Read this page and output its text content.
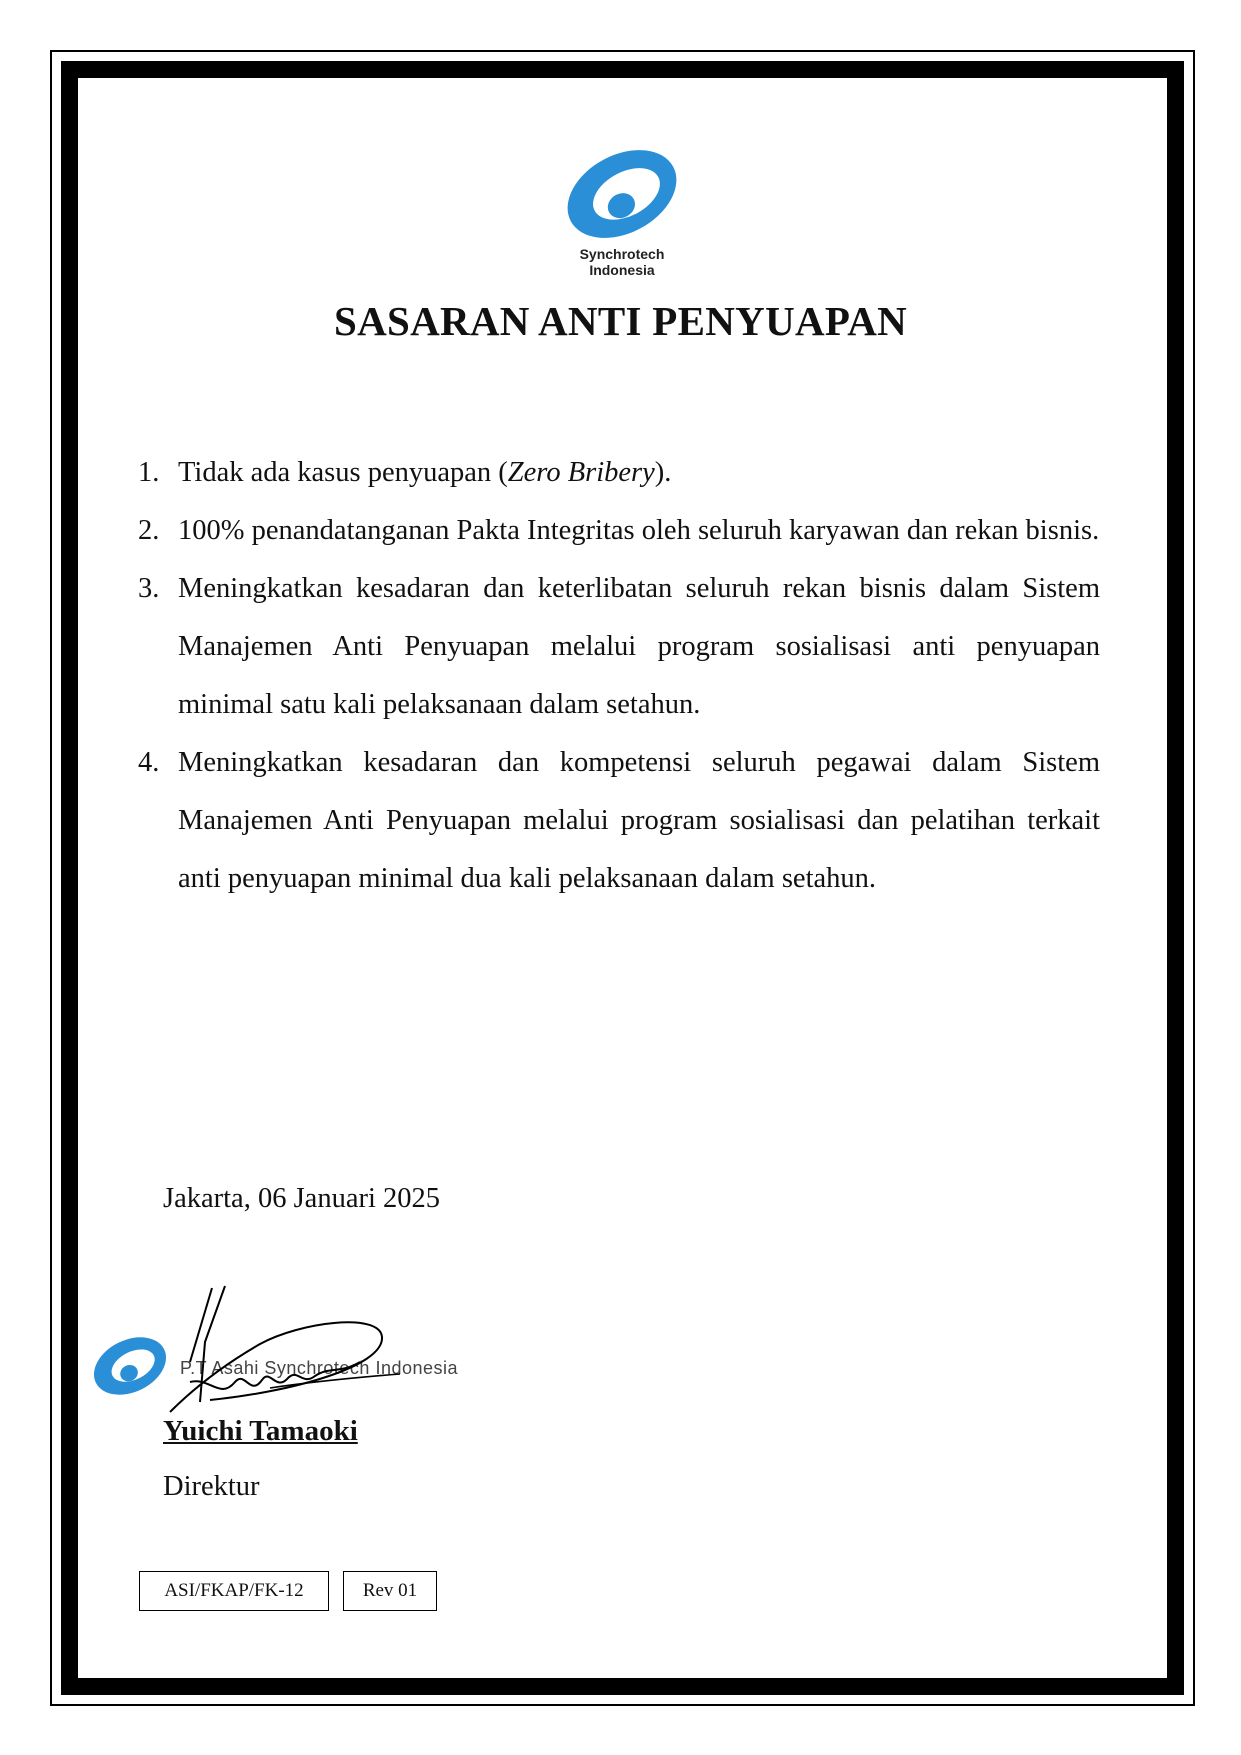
Synchrotech
Indonesia
SASARAN ANTI PENYUAPAN
1. Tidak ada kasus penyuapan (Zero Bribery).
2. 100% penandatanganan Pakta Integritas oleh seluruh karyawan dan rekan bisnis.
3. Meningkatkan kesadaran dan keterlibatan seluruh rekan bisnis dalam Sistem Manajemen Anti Penyuapan melalui program sosialisasi anti penyuapan minimal satu kali pelaksanaan dalam setahun.
4. Meningkatkan kesadaran dan kompetensi seluruh pegawai dalam Sistem Manajemen Anti Penyuapan melalui program sosialisasi dan pelatihan terkait anti penyuapan minimal dua kali pelaksanaan dalam setahun.
Jakarta, 06 Januari 2025
P.T Asahi Synchrotech Indonesia
Yuichi Tamaoki
Direktur
ASI/FKAP/FK-12	Rev 01
